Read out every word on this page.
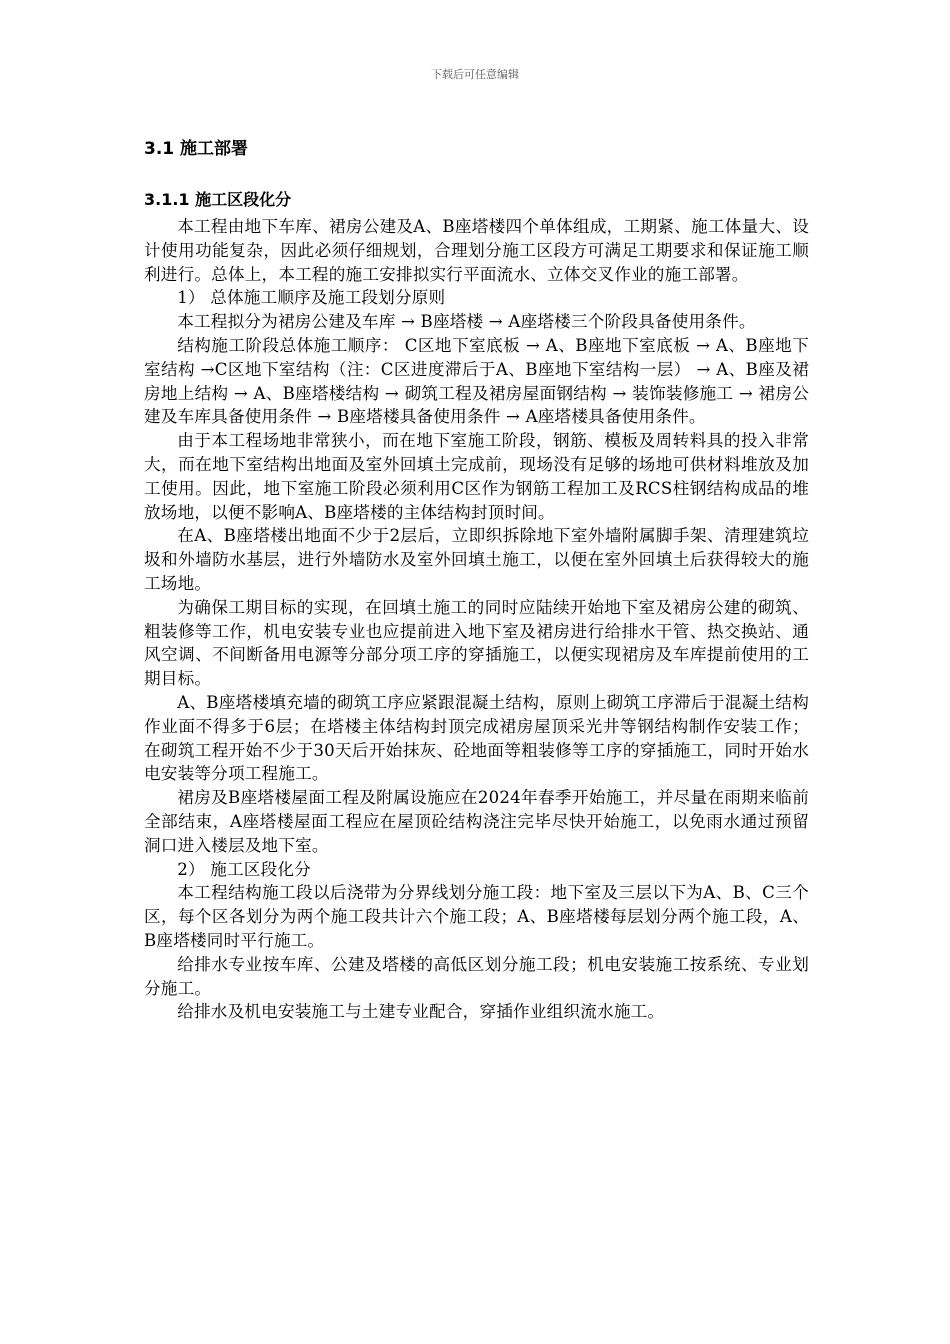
下载后可任意编辑
3.1 施工部署
3.1.1 施工区段化分

本工程由地下车库、裙房公建及A、B座塔楼四个单体组成，工期紧、施工体量大、设计使用功能复杂，因此必须仔细规划，合理划分施工区段方可满足工期要求和保证施工顺利进行。总体上，本工程的施工安排拟实行平面流水、立体交叉作业的施工部署。

1） 总体施工顺序及施工段划分原则

本工程拟分为裙房公建及车库 → B座塔楼 → A座塔楼三个阶段具备使用条件。

结构施工阶段总体施工顺序： C区地下室底板 → A、B座地下室底板 → A、B座地下室结构 →C区地下室结构（注：C区进度滞后于A、B座地下室结构一层） → A、B座及裙房地上结构 → A、B座塔楼结构 → 砌筑工程及裙房屋面钢结构 → 装饰装修施工 → 裙房公建及车库具备使用条件 → B座塔楼具备使用条件 → A座塔楼具备使用条件。

由于本工程场地非常狭小，而在地下室施工阶段，钢筋、模板及周转料具的投入非常大，而在地下室结构出地面及室外回填土完成前，现场没有足够的场地可供材料堆放及加工使用。因此，地下室施工阶段必须利用C区作为钢筋工程加工及RCS柱钢结构成品的堆放场地，以便不影响A、B座塔楼的主体结构封顶时间。

在A、B座塔楼出地面不少于2层后，立即织拆除地下室外墙附属脚手架、清理建筑垃圾和外墙防水基层，进行外墙防水及室外回填土施工，以便在室外回填土后获得较大的施工场地。

为确保工期目标的实现，在回填土施工的同时应陆续开始地下室及裙房公建的砌筑、粗装修等工作，机电安装专业也应提前进入地下室及裙房进行给排水干管、热交换站、通风空调、不间断备用电源等分部分项工序的穿插施工，以便实现裙房及车库提前使用的工期目标。

A、B座塔楼填充墙的砌筑工序应紧跟混凝土结构，原则上砌筑工序滞后于混凝土结构作业面不得多于6层；在塔楼主体结构封顶完成裙房屋顶采光井等钢结构制作安装工作；在砌筑工程开始不少于30天后开始抹灰、砼地面等粗装修等工序的穿插施工，同时开始水电安装等分项工程施工。

裙房及B座塔楼屋面工程及附属设施应在2024年春季开始施工，并尽量在雨期来临前全部结束，A座塔楼屋面工程应在屋顶砼结构浇注完毕尽快开始施工，以免雨水通过预留洞口进入楼层及地下室。

2） 施工区段化分

本工程结构施工段以后浇带为分界线划分施工段：地下室及三层以下为A、B、C三个区，每个区各划分为两个施工段共计六个施工段；A、B座塔楼每层划分两个施工段，A、B座塔楼同时平行施工。

给排水专业按车库、公建及塔楼的高低区划分施工段；机电安装施工按系统、专业划分施工。

给排水及机电安装施工与土建专业配合，穿插作业组织流水施工。
